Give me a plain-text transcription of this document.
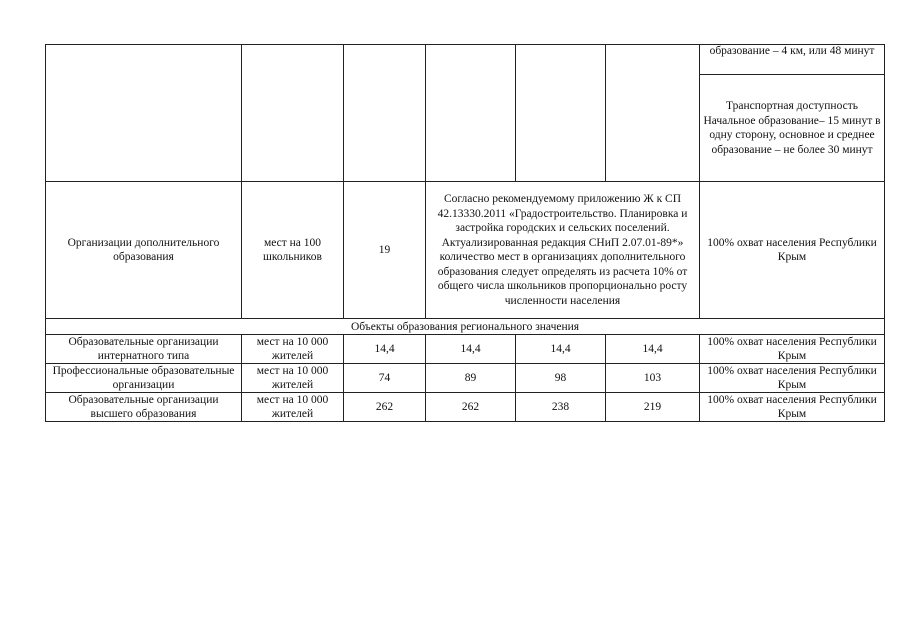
						образование – 4 км, или 48 минут
						Транспортная доступность Начальное образование– 15 минут в одну сторону, основное и среднее образование – не более 30 минут
Организации дополнительного образования	мест на 100 школьников	19	Согласно рекомендуемому приложению Ж к СП 42.13330.2011 «Градостроительство. Планировка и застройка городских и сельских поселений. Актуализированная редакция СНиП 2.07.01-89*» количество мест в организациях дополнительного образования следует определять из расчета 10% от общего числа школьников пропорционально росту численности населения			100% охват населения Республики Крым
Объекты образования регионального значения						
Образовательные организации интернатного типа	мест на 10 000 жителей	14,4	14,4	14,4	14,4	100% охват населения Республики Крым
Профессиональные образовательные организации	мест на 10 000 жителей	74	89	98	103	100% охват населения Республики Крым
Образовательные организации высшего образования	мест на 10 000 жителей	262	262	238	219	100% охват населения Республики Крым
